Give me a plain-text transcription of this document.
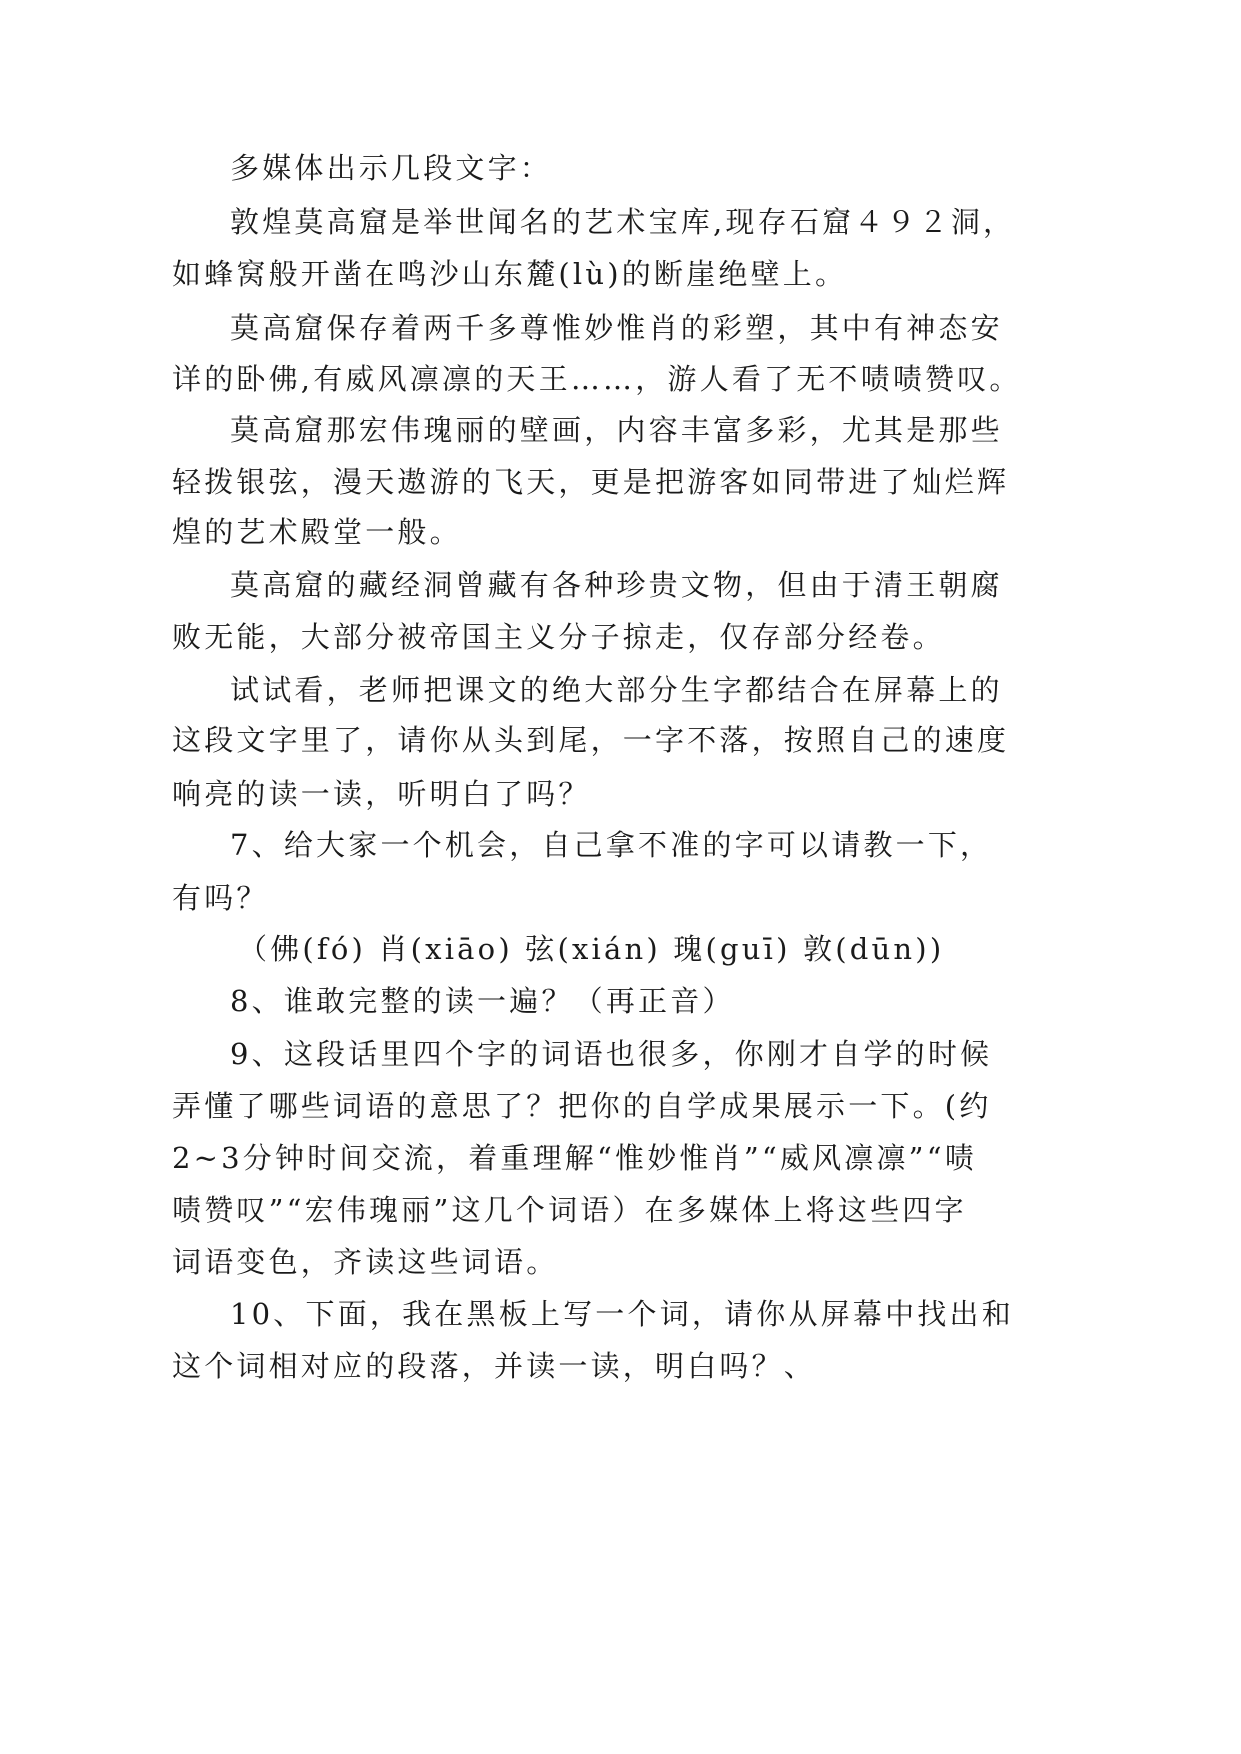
多媒体出示几段文字：
敦煌莫高窟是举世闻名的艺术宝库,现存石窟４９２洞，
如蜂窝般开凿在鸣沙山东麓(lù)的断崖绝壁上。
莫高窟保存着两千多尊惟妙惟肖的彩塑，其中有神态安
详的卧佛,有威风凛凛的天王……，游人看了无不啧啧赞叹。
莫高窟那宏伟瑰丽的壁画，内容丰富多彩，尤其是那些
轻拨银弦，漫天遨游的飞天，更是把游客如同带进了灿烂辉
煌的艺术殿堂一般。
莫高窟的藏经洞曾藏有各种珍贵文物，但由于清王朝腐
败无能，大部分被帝国主义分子掠走，仅存部分经卷。
试试看，老师把课文的绝大部分生字都结合在屏幕上的
这段文字里了，请你从头到尾，一字不落，按照自己的速度
响亮的读一读，听明白了吗？
7、给大家一个机会，自己拿不准的字可以请教一下，
有吗？
（佛(fó) 肖(xiāo) 弦(xián) 瑰(guī) 敦(dūn))
8、谁敢完整的读一遍？（再正音）
9、这段话里四个字的词语也很多，你刚才自学的时候
弄懂了哪些词语的意思了？把你的自学成果展示一下。(约
2~3分钟时间交流，着重理解“惟妙惟肖”“威风凛凛”“啧
啧赞叹”“宏伟瑰丽”这几个词语）在多媒体上将这些四字
词语变色，齐读这些词语。
10、下面，我在黑板上写一个词，请你从屏幕中找出和
这个词相对应的段落，并读一读，明白吗？、
